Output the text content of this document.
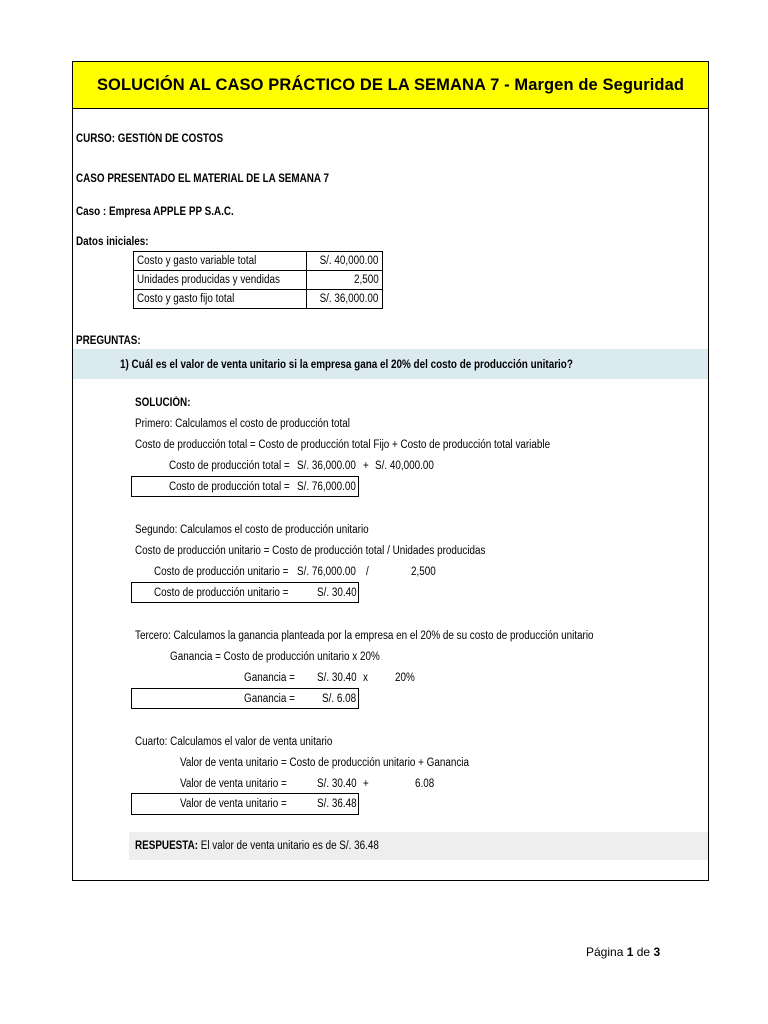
SOLUCIÓN AL CASO PRÁCTICO DE LA SEMANA 7 - Margen de Seguridad
CURSO: GESTIÓN DE COSTOS
CASO PRESENTADO EL MATERIAL DE LA SEMANA 7
Caso : Empresa APPLE PP S.A.C.
Datos iniciales:
Costo y gasto variable total	S/. 40,000.00
Unidades producidas y vendidas	2,500
Costo y gasto fijo total	S/. 36,000.00
PREGUNTAS:
1) Cuál es el valor de venta unitario si la empresa gana el 20% del costo de producción unitario?
SOLUCIÓN:
Primero: Calculamos el costo de producción total
Costo de producción total = Costo de producción total Fijo + Costo de producción total variable
Costo de producción total = S/. 36,000.00 + S/. 40,000.00
Costo de producción total = S/. 76,000.00
Segundo: Calculamos el costo de producción unitario
Costo de producción unitario = Costo de producción total / Unidades producidas
Costo de producción unitario = S/. 76,000.00 /	2,500
Costo de producción unitario = S/. 30.40
Tercero: Calculamos la ganancia planteada por la empresa en el 20% de su costo de producción unitario
Ganancia = Costo de producción unitario x 20%
Ganancia = S/. 30.40 x 20%
Ganancia = S/. 6.08
Cuarto: Calculamos el valor de venta unitario
Valor de venta unitario = Costo de producción unitario + Ganancia
Valor de venta unitario =	S/. 30.40 +	6.08
Valor de venta unitario =	S/. 36.48
RESPUESTA: El valor de venta unitario es de S/. 36.48
Página 1 de 3
